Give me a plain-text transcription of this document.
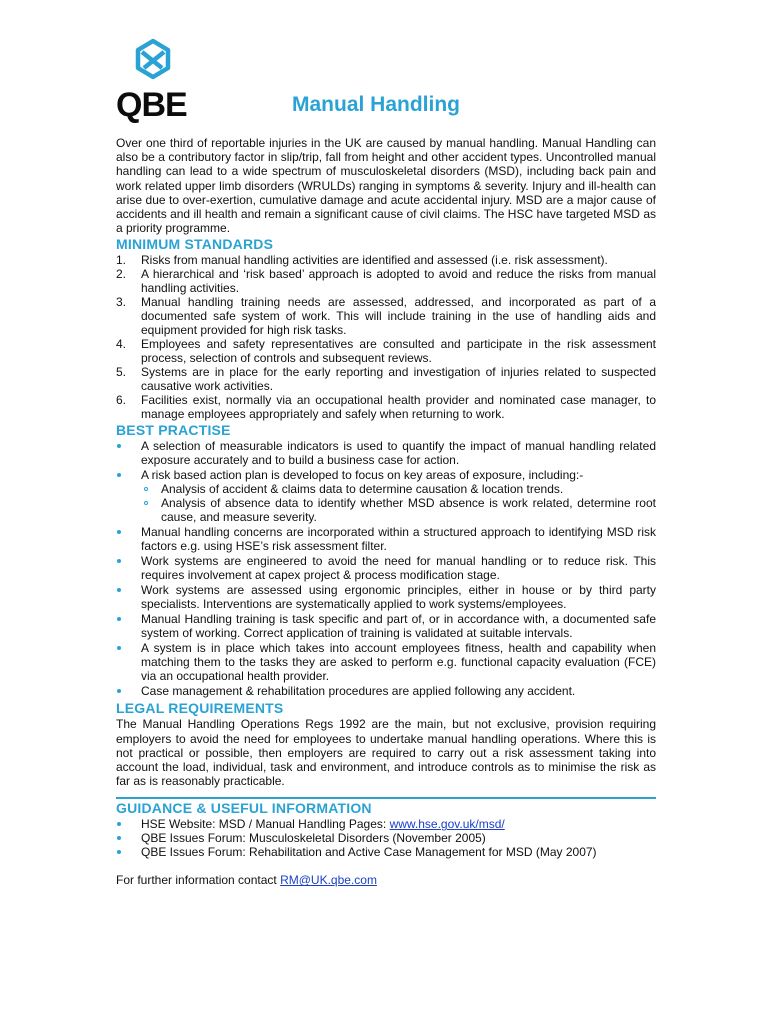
QBE	Manual Handling

Over one third of reportable injuries in the UK are caused by manual handling. Manual Handling can also be a contributory factor in slip/trip, fall from height and other accident types. Uncontrolled manual handling can lead to a wide spectrum of musculoskeletal disorders (MSD), including back pain and work related upper limb disorders (WRULDs) ranging in symptoms & severity. Injury and ill-health can arise due to over-exertion, cumulative damage and acute accidental injury. MSD are a major cause of accidents and ill health and remain a significant cause of civil claims. The HSC have targeted MSD as a priority programme.

MINIMUM STANDARDS
1. Risks from manual handling activities are identified and assessed (i.e. risk assessment).
2. A hierarchical and ‘risk based’ approach is adopted to avoid and reduce the risks from manual handling activities.
3. Manual handling training needs are assessed, addressed, and incorporated as part of a documented safe system of work. This will include training in the use of handling aids and equipment provided for high risk tasks.
4. Employees and safety representatives are consulted and participate in the risk assessment process, selection of controls and subsequent reviews.
5. Systems are in place for the early reporting and investigation of injuries related to suspected causative work activities.
6. Facilities exist, normally via an occupational health provider and nominated case manager, to manage employees appropriately and safely when returning to work.
BEST PRACTISE
A selection of measurable indicators is used to quantify the impact of manual handling related exposure accurately and to build a business case for action.
A risk based action plan is developed to focus on key areas of exposure, including:-
Analysis of accident & claims data to determine causation & location trends.
Analysis of absence data to identify whether MSD absence is work related, determine root cause, and measure severity.
Manual handling concerns are incorporated within a structured approach to identifying MSD risk factors e.g. using HSE’s risk assessment filter.
Work systems are engineered to avoid the need for manual handling or to reduce risk. This requires involvement at capex project & process modification stage.
Work systems are assessed using ergonomic principles, either in house or by third party specialists. Interventions are systematically applied to work systems/employees.
Manual Handling training is task specific and part of, or in accordance with, a documented safe system of working. Correct application of training is validated at suitable intervals.
A system is in place which takes into account employees fitness, health and capability when matching them to the tasks they are asked to perform e.g. functional capacity evaluation (FCE) via an occupational health provider.
Case management & rehabilitation procedures are applied following any accident.
LEGAL REQUIREMENTS

The Manual Handling Operations Regs 1992 are the main, but not exclusive, provision requiring employers to avoid the need for employees to undertake manual handling operations. Where this is not practical or possible, then employers are required to carry out a risk assessment taking into account the load, individual, task and environment, and introduce controls as to minimise the risk as far as is reasonably practicable.

GUIDANCE & USEFUL INFORMATION
HSE Website: MSD / Manual Handling Pages: www.hse.gov.uk/msd/
QBE Issues Forum: Musculoskeletal Disorders (November 2005)
QBE Issues Forum: Rehabilitation and Active Case Management for MSD (May 2007)
For further information contact RM@UK.qbe.com
